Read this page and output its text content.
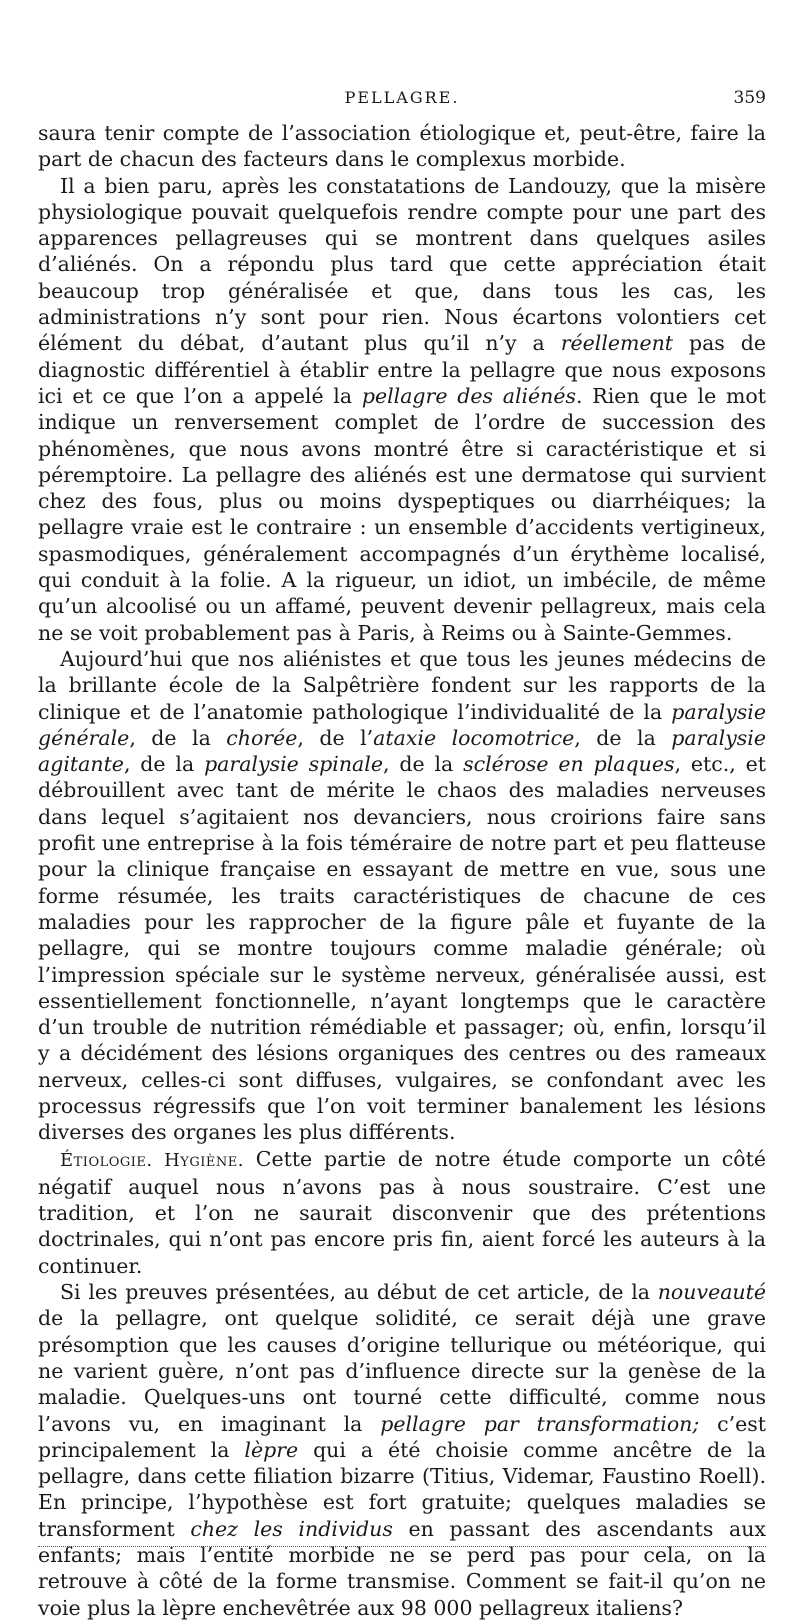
PELLAGRE.	359

saura tenir compte de l’association étiologique et, peut-être, faire la part de chacun des facteurs dans le complexus morbide.

Il a bien paru, après les constatations de Landouzy, que la misère physiologique pouvait quelquefois rendre compte pour une part des apparences pellagreuses qui se montrent dans quelques asiles d’aliénés. On a répondu plus tard que cette appréciation était beaucoup trop généralisée et que, dans tous les cas, les administrations n’y sont pour rien. Nous écartons volontiers cet élément du débat, d’autant plus qu’il n’y a réellement pas de diagnostic différentiel à établir entre la pellagre que nous exposons ici et ce que l’on a appelé la pellagre des aliénés. Rien que le mot indique un renversement complet de l’ordre de succession des phénomènes, que nous avons montré être si caractéristique et si péremptoire. La pellagre des aliénés est une dermatose qui survient chez des fous, plus ou moins dyspeptiques ou diarrhéiques; la pellagre vraie est le contraire : un ensemble d’accidents vertigineux, spasmodiques, généralement accompagnés d’un érythème localisé, qui conduit à la folie. A la rigueur, un idiot, un imbécile, de même qu’un alcoolisé ou un affamé, peuvent devenir pellagreux, mais cela ne se voit probablement pas à Paris, à Reims ou à Sainte-Gemmes.

Aujourd’hui que nos aliénistes et que tous les jeunes médecins de la brillante école de la Salpêtrière fondent sur les rapports de la clinique et de l’anatomie pathologique l’individualité de la paralysie générale, de la chorée, de l’ataxie locomotrice, de la paralysie agitante, de la paralysie spinale, de la sclérose en plaques, etc., et débrouillent avec tant de mérite le chaos des maladies nerveuses dans lequel s’agitaient nos devanciers, nous croirions faire sans profit une entreprise à la fois téméraire de notre part et peu flatteuse pour la clinique française en essayant de mettre en vue, sous une forme résumée, les traits caractéristiques de chacune de ces maladies pour les rapprocher de la figure pâle et fuyante de la pellagre, qui se montre toujours comme maladie générale; où l’impression spéciale sur le système nerveux, généralisée aussi, est essentiellement fonctionnelle, n’ayant longtemps que le caractère d’un trouble de nutrition rémédiable et passager; où, enfin, lorsqu’il y a décidément des lésions organiques des centres ou des rameaux nerveux, celles-ci sont diffuses, vulgaires, se confondant avec les processus régressifs que l’on voit terminer banalement les lésions diverses des organes les plus différents.

Étiologie. Hygiène. Cette partie de notre étude comporte un côté négatif auquel nous n’avons pas à nous soustraire. C’est une tradition, et l’on ne saurait disconvenir que des prétentions doctrinales, qui n’ont pas encore pris fin, aient forcé les auteurs à la continuer.

Si les preuves présentées, au début de cet article, de la nouveauté de la pellagre, ont quelque solidité, ce serait déjà une grave présomption que les causes d’origine tellurique ou météorique, qui ne varient guère, n’ont pas d’influence directe sur la genèse de la maladie. Quelques-uns ont tourné cette difficulté, comme nous l’avons vu, en imaginant la pellagre par transformation; c’est principalement la lèpre qui a été choisie comme ancêtre de la pellagre, dans cette filiation bizarre (Titius, Videmar, Faustino Roell). En principe, l’hypothèse est fort gratuite; quelques maladies se transforment chez les individus en passant des ascendants aux enfants; mais l’entité morbide ne se perd pas pour cela, on la retrouve à côté de la forme transmise. Comment se fait-il qu’on ne voie plus la lèpre enchevêtrée aux 98 000 pellagreux italiens?
